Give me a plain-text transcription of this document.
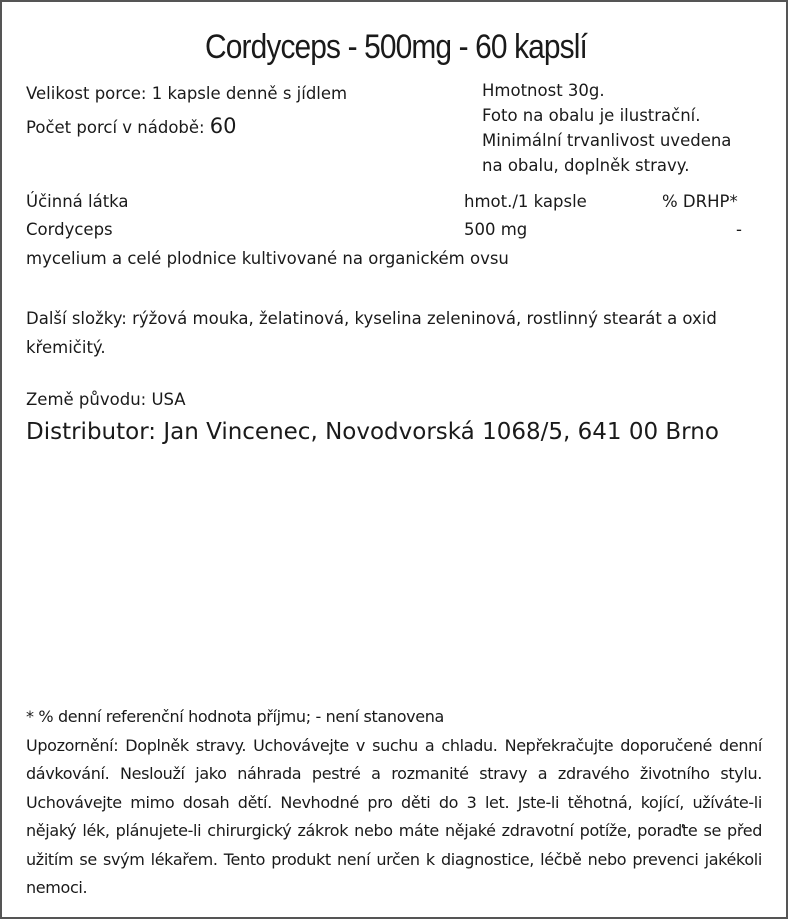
Cordyceps - 500mg - 60 kapslí
Velikost porce: 1 kapsle denně s jídlem
Počet porcí v nádobě: 60
Hmotnost 30g.
Foto na obalu je ilustrační.
Minimální trvanlivost uvedena
na obalu, doplněk stravy.
Účinná látka	hmot./1 kapsle	% DRHP*
Cordyceps	500 mg	-
mycelium a celé plodnice kultivované na organickém ovsu
Další složky: rýžová mouka, želatinová, kyselina zeleninová, rostlinný stearát a oxid křemičitý.
Země původu: USA
Distributor: Jan Vincenec, Novodvorská 1068/5, 641 00 Brno

* % denní referenční hodnota příjmu; - není stanovena

Upozornění: Doplněk stravy. Uchovávejte v suchu a chladu. Nepřekračujte doporučené denní dávkování. Neslouží jako náhrada pestré a rozmanité stravy a zdravého životního stylu. Uchovávejte mimo dosah dětí. Nevhodné pro děti do 3 let. Jste-li těhotná, kojící, užíváte-li nějaký lék, plánujete-li chirurgický zákrok nebo máte nějaké zdravotní potíže, poraďte se před užitím se svým lékařem. Tento produkt není určen k diagnostice, léčbě nebo prevenci jakékoli nemoci.
